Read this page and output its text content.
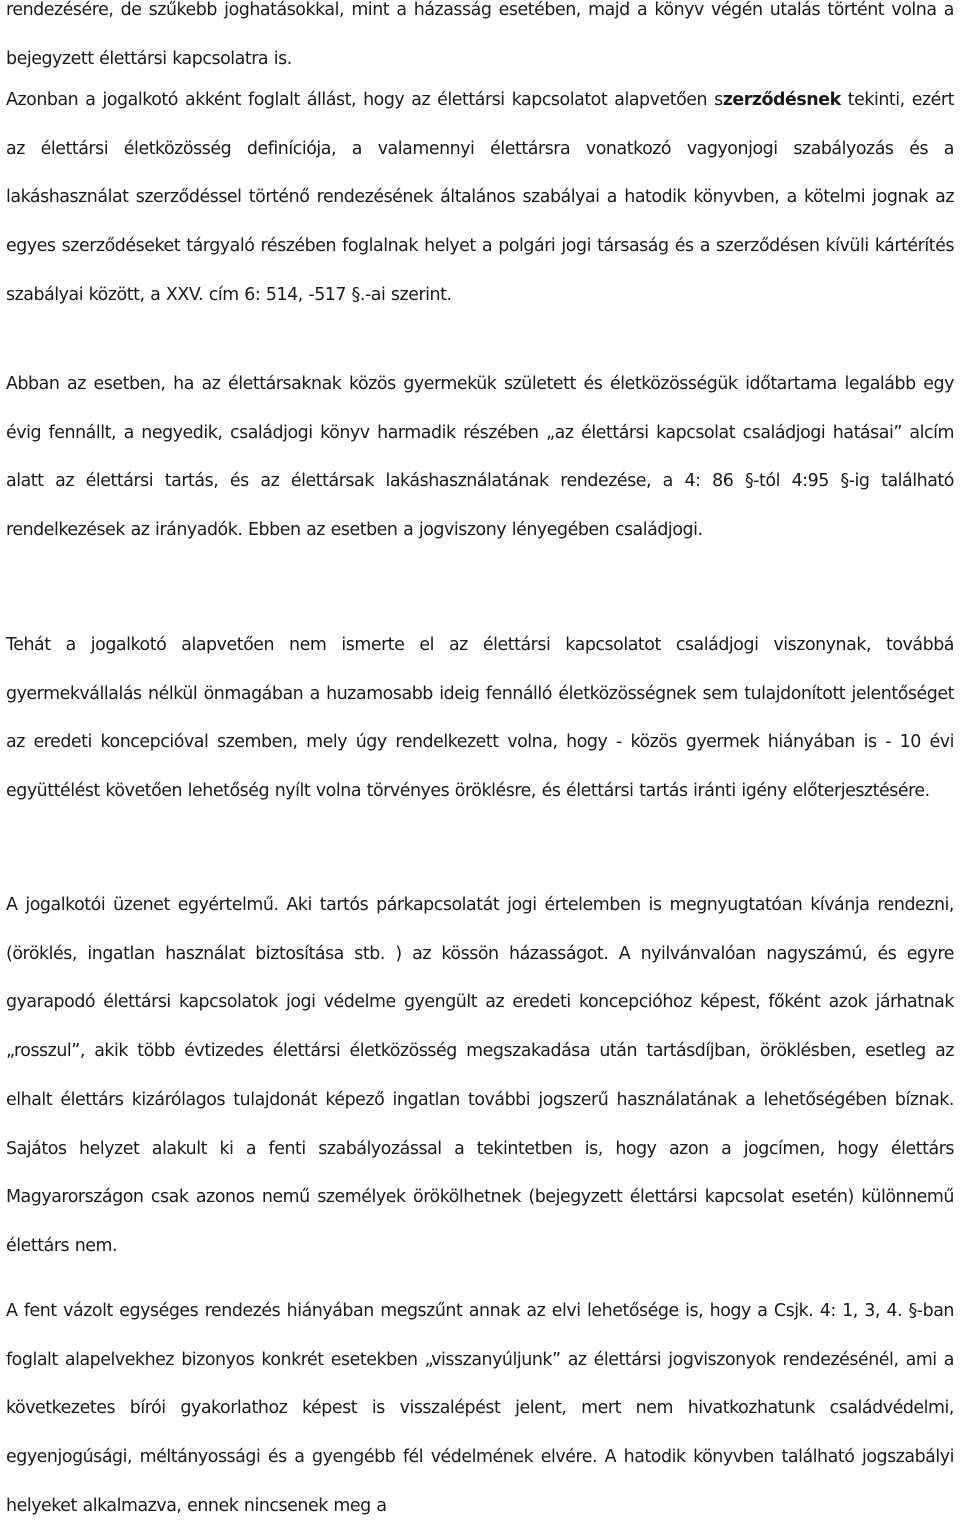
rendezésére, de szűkebb joghatásokkal, mint a házasság esetében, majd a könyv végén utalás történt volna a bejegyzett élettársi kapcsolatra is.

Azonban a jogalkotó akként foglalt állást, hogy az élettársi kapcsolatot alapvetően szerződésnek tekinti, ezért az élettársi életközösség definíciója, a valamennyi élettársra vonatkozó vagyonjogi szabályozás és a lakáshasználat szerződéssel történő rendezésének általános szabályai a hatodik könyvben, a kötelmi jognak az egyes szerződéseket tárgyaló részében foglalnak helyet a polgári jogi társaság és a szerződésen kívüli kártérítés szabályai között, a XXV. cím 6: 514, -517 §.-ai szerint.

Abban az esetben, ha az élettársaknak közös gyermekük született és életközösségük időtartama legalább egy évig fennállt, a negyedik, családjogi könyv harmadik részében „az élettársi kapcsolat családjogi hatásai” alcím alatt az élettársi tartás, és az élettársak lakáshasználatának rendezése, a 4: 86 §-tól 4:95 §-ig található rendelkezések az irányadók. Ebben az esetben a jogviszony lényegében családjogi.

Tehát a jogalkotó alapvetően nem ismerte el az élettársi kapcsolatot családjogi viszonynak, továbbá gyermekvállalás nélkül önmagában a huzamosabb ideig fennálló életközösségnek sem tulajdonított jelentőséget az eredeti koncepcióval szemben, mely úgy rendelkezett volna, hogy - közös gyermek hiányában is - 10 évi együttélést követően lehetőség nyílt volna törvényes öröklésre, és élettársi tartás iránti igény előterjesztésére.

A jogalkotói üzenet egyértelmű. Aki tartós párkapcsolatát jogi értelemben is megnyugtatóan kívánja rendezni, (öröklés, ingatlan használat biztosítása stb. ) az kössön házasságot. A nyilvánvalóan nagyszámú, és egyre gyarapodó élettársi kapcsolatok jogi védelme gyengült az eredeti koncepcióhoz képest, főként azok járhatnak „rosszul”, akik több évtizedes élettársi életközösség megszakadása után tartásdíjban, öröklésben, esetleg az elhalt élettárs kizárólagos tulajdonát képező ingatlan további jogszerű használatának a lehetőségében bíznak. Sajátos helyzet alakult ki a fenti szabályozással a tekintetben is, hogy azon a jogcímen, hogy élettárs Magyarországon csak azonos nemű személyek örökölhetnek (bejegyzett élettársi kapcsolat esetén) különnemű élettárs nem.

A fent vázolt egységes rendezés hiányában megszűnt annak az elvi lehetősége is, hogy a Csjk. 4: 1, 3, 4. §-ban foglalt alapelvekhez bizonyos konkrét esetekben „visszanyúljunk” az élettársi jogviszonyok rendezésénél, ami a következetes bírói gyakorlathoz képest is visszalépést jelent, mert nem hivatkozhatunk családvédelmi, egyenjogúsági, méltányossági és a gyengébb fél védelmének elvére. A hatodik könyvben található jogszabályi helyeket alkalmazva, ennek nincsenek meg a
